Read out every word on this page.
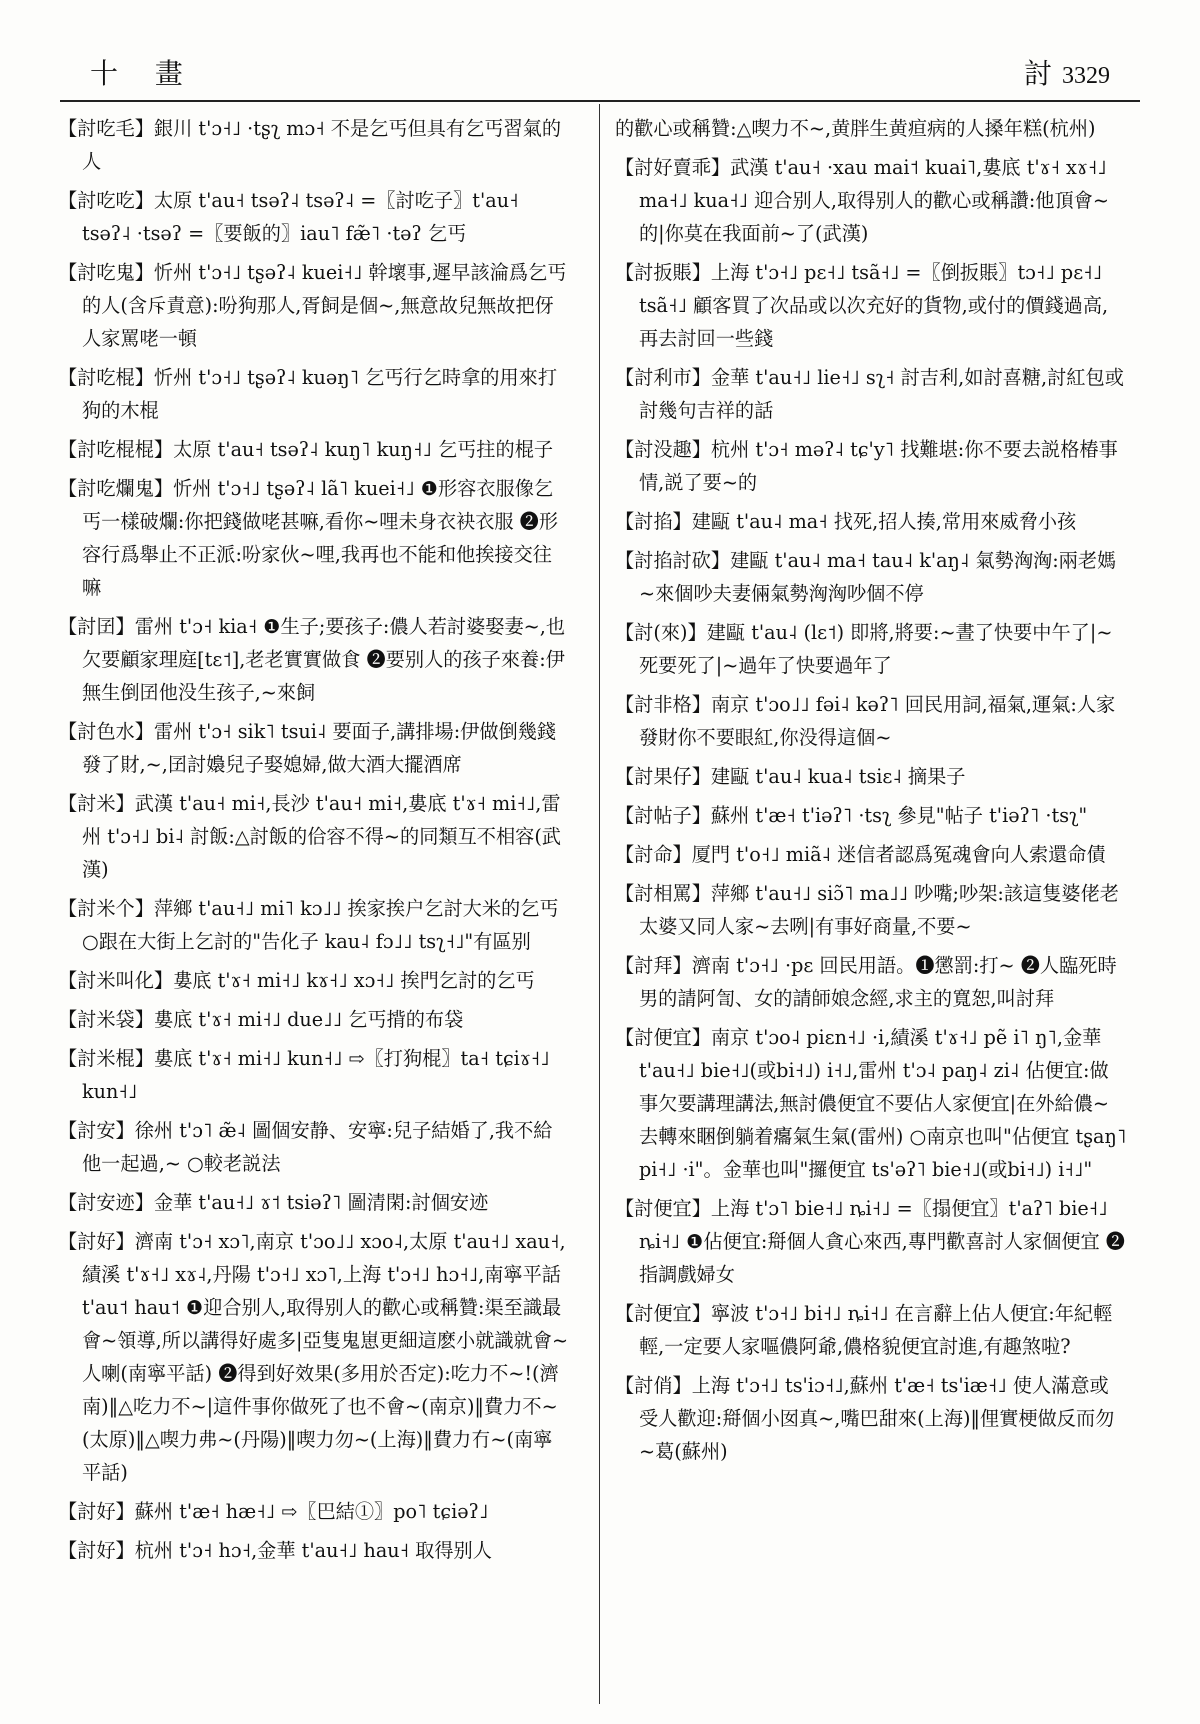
十 畫	討 3329
【討吃毛】銀川 t'ɔ˧˩ ·tʂʅ mɔ˧ 不是乞丐但具有乞丐習氣的人
【討吃吃】太原 t'au˧ tsəʔ˨ tsəʔ˨ =〖討吃子〗t'au˧ tsəʔ˨ ·tsəʔ =〖要飯的〗iau˥ fæ̃˥ ·təʔ 乞丐
【討吃鬼】忻州 t'ɔ˧˩ tʂəʔ˨ kuei˧˩ 幹壞事,遲早該淪爲乞丐的人(含斥責意):吩狗那人,胥飼是個~,無意故兒無故把伢人家罵咾一頓
【討吃棍】忻州 t'ɔ˧˩ tʂəʔ˨ kuəŋ˥ 乞丐行乞時拿的用來打狗的木棍
【討吃棍棍】太原 t'au˧ tsəʔ˨ kuŋ˥ kuŋ˧˩ 乞丐拄的棍子
【討吃爛鬼】忻州 t'ɔ˧˩ tʂəʔ˨ lã˥ kuei˧˩ ❶形容衣服像乞丐一樣破爛:你把錢做咾甚嘛,看你~哩未身衣袂衣服 ❷形容行爲舉止不正派:吩家伙~哩,我再也不能和他挨接交往嘛
【討囝】雷州 t'ɔ˧ kia˧ ❶生子;要孩子:儂人若討婆娶妻~,也欠要顧家理庭[tɛ˦],老老實實做食 ❷要别人的孩子來養:伊無生倒囝他没生孩子,~來飼
【討色水】雷州 t'ɔ˧ sik˥ tsui˨ 要面子,講排場:伊做倒幾錢發了財,~,囝討嬝兒子娶媳婦,做大酒大擺酒席
【討米】武漢 t'au˧ mi˧,長沙 t'au˧ mi˧,婁底 t'ɤ˧ mi˧˩,雷州 t'ɔ˧˩ bi˨ 討飯:△討飯的佮容不得~的同類互不相容(武漢)
【討米个】萍鄉 t'au˧˩ mi˥ kɔ˩˩ 挨家挨户乞討大米的乞丐 ○跟在大街上乞討的"告化子 kau˨ fɔ˩˩ tsʅ˧˩"有區别
【討米叫化】婁底 t'ɤ˧ mi˧˩ kɤ˧˩ xɔ˧˩ 挨門乞討的乞丐
【討米袋】婁底 t'ɤ˧ mi˧˩ due˩˩ 乞丐揹的布袋
【討米棍】婁底 t'ɤ˧ mi˧˩ kun˧˩ ⇨〖打狗棍〗ta˧ tɕiɤ˧˩ kun˧˩
【討安】徐州 t'ɔ˥ æ̃˨ 圖個安静、安寧:兒子結婚了,我不給他一起過,~ ○較老説法
【討安迹】金華 t'au˧˩ ɤ˦ tsiəʔ˥ 圖清閑:討個安迹
【討好】濟南 t'ɔ˧ xɔ˥,南京 t'ɔo˩˩ xɔo˨,太原 t'au˧˩ xau˧,績溪 t'ɤ˧˩ xɤ˨,丹陽 t'ɔ˧˩ xɔ˥,上海 t'ɔ˧˩ hɔ˧˩,南寧平話 t'au˦ hau˦ ❶迎合别人,取得别人的歡心或稱贊:渠至識最會~領導,所以講得好處多|亞隻鬼崽更細這麽小就識就會~人喇(南寧平話) ❷得到好效果(多用於否定):吃力不~!(濟南)‖△吃力不~|這件事你做死了也不會~(南京)‖費力不~(太原)‖△喫力弗~(丹陽)‖喫力勿~(上海)‖費力冇~(南寧平話)
【討好】蘇州 t'æ˧ hæ˧˩ ⇨〖巴結①〗po˥ tɕiəʔ˩
【討好】杭州 t'ɔ˧ hɔ˧,金華 t'au˧˩ hau˧ 取得别人
的歡心或稱贊:△喫力不~,黄胖生黄疸病的人搡年糕(杭州)
【討好賣乖】武漢 t'au˧ ·xau mai˦ kuai˥,婁底 t'ɤ˧ xɤ˧˩ ma˧˩ kua˧˩ 迎合别人,取得别人的歡心或稱讚:他頂會~的|你莫在我面前~了(武漢)
【討扳賬】上海 t'ɔ˧˩ pɛ˧˩ tsã˧˩ =〖倒扳賬〗tɔ˧˩ pɛ˧˩ tsã˧˩ 顧客買了次品或以次充好的貨物,或付的價錢過高,再去討回一些錢
【討利市】金華 t'au˧˩ lie˧˩ sʅ˧ 討吉利,如討喜糖,討紅包或討幾句吉祥的話
【討没趣】杭州 t'ɔ˧ məʔ˨ tɕ'y˥ 找難堪:你不要去説格椿事情,説了要~的
【討掐】建甌 t'au˨ ma˧ 找死,招人揍,常用來威脅小孩
【討掐討砍】建甌 t'au˨ ma˧ tau˨ k'aŋ˨ 氣勢洶洶:兩老媽~來個吵夫妻倆氣勢洶洶吵個不停
【討(來)】建甌 t'au˨ (lɛ˦) 即將,將要:~晝了快要中午了|~死要死了|~過年了快要過年了
【討非格】南京 t'ɔo˩˩ fəi˨ kəʔ˥ 回民用詞,福氣,運氣:人家發財你不要眼紅,你没得這個~
【討果仔】建甌 t'au˨ kua˨ tsiɛ˨ 摘果子
【討帖子】蘇州 t'æ˧ t'iəʔ˥ ·tsʅ 參見"帖子 t'iəʔ˥ ·tsʅ"
【討命】厦門 t'o˧˩ miã˨ 迷信者認爲冤魂會向人索還命債
【討相罵】萍鄉 t'au˧˩ siɔ̃˥ ma˩˩ 吵嘴;吵架:該這隻婆佬老太婆又同人家~去咧|有事好商量,不要~
【討拜】濟南 t'ɔ˧˩ ·pɛ 回民用語。❶懲罰:打~ ❷人臨死時男的請阿訇、女的請師娘念經,求主的寬恕,叫討拜
【討便宜】南京 t'ɔo˨ piɛn˧˩ ·i,績溪 t'ɤ˧˩ pẽ i˥ ŋ˥,金華 t'au˧˩ bie˧˩(或bi˧˩) i˧˩,雷州 t'ɔ˨ paŋ˨ zi˨ 佔便宜:做事欠要講理講法,無討儂便宜不要佔人家便宜|在外給儂~去轉來睏倒躺着癟氣生氣(雷州) ○南京也叫"佔便宜 tʂaŋ˥ pi˧˩ ·i"。金華也叫"攞便宜 ts'əʔ˥ bie˧˩(或bi˧˩) i˧˩"
【討便宜】上海 t'ɔ˥ bie˧˩ ȵi˧˩ =〖搨便宜〗t'aʔ˥ bie˧˩ ȵi˧˩ ❶佔便宜:搿個人貪心來西,專門歡喜討人家個便宜 ❷指調戲婦女
【討便宜】寧波 t'ɔ˧˩ bi˧˩ ȵi˧˩ 在言辭上佔人便宜:年紀輕輕,一定要人家嘔儂阿爺,儂格貌便宜討進,有趣煞啦?
【討俏】上海 t'ɔ˧˩ ts'iɔ˧˩,蘇州 t'æ˧ ts'iæ˧˩ 使人滿意或受人歡迎:搿個小囡真~,嘴巴甜來(上海)‖俚實梗做反而勿~葛(蘇州)
